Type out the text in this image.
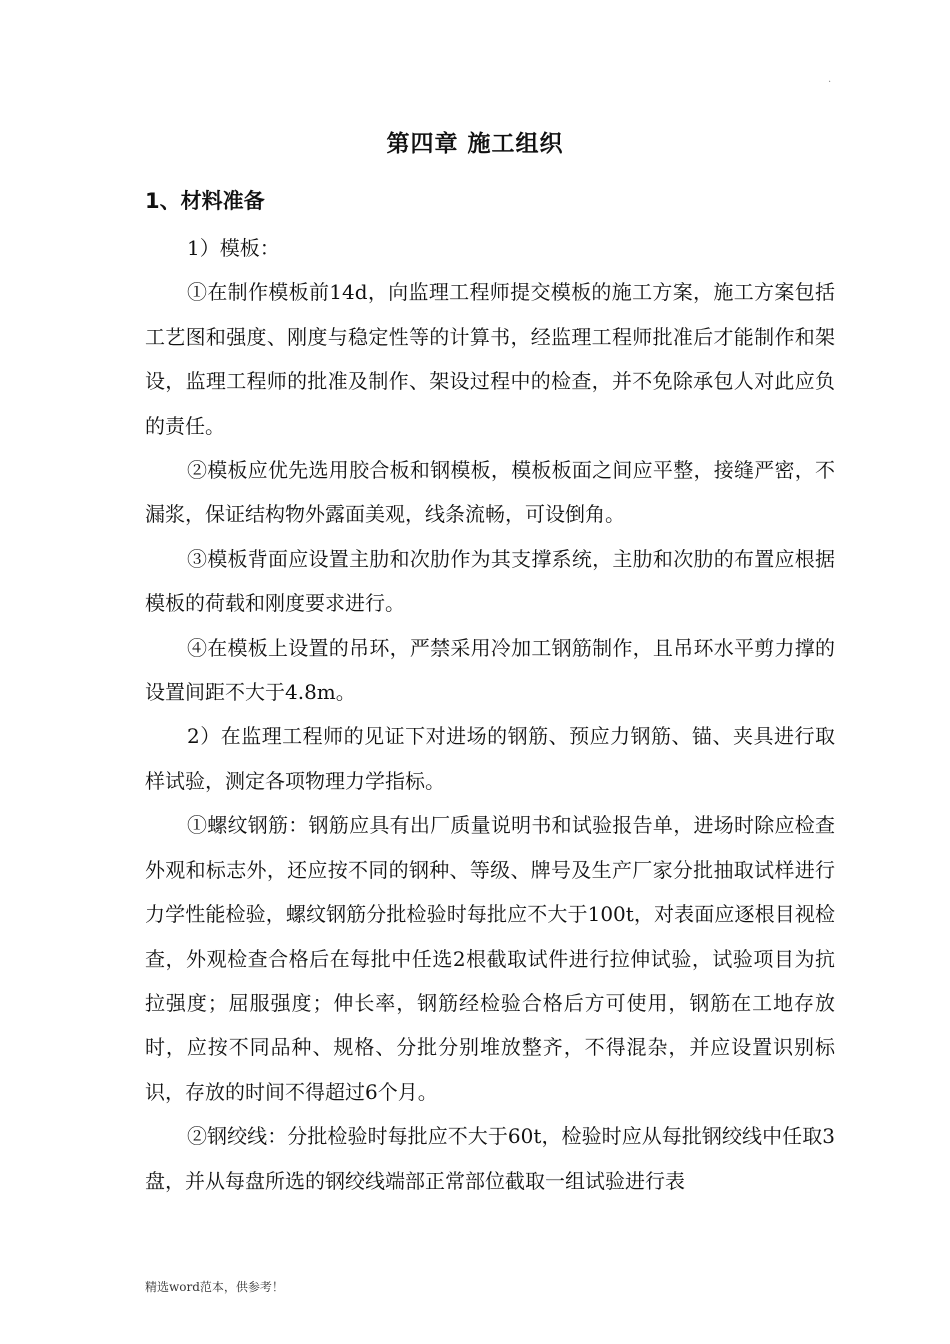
.
第四章 施工组织
1、材料准备

1）模板：

①在制作模板前14d，向监理工程师提交模板的施工方案，施工方案包括工艺图和强度、刚度与稳定性等的计算书，经监理工程师批准后才能制作和架设，监理工程师的批准及制作、架设过程中的检查，并不免除承包人对此应负的责任。

②模板应优先选用胶合板和钢模板，模板板面之间应平整，接缝严密，不漏浆，保证结构物外露面美观，线条流畅，可设倒角。

③模板背面应设置主肋和次肋作为其支撑系统，主肋和次肋的布置应根据模板的荷载和刚度要求进行。

④在模板上设置的吊环，严禁采用冷加工钢筋制作，且吊环水平剪力撑的设置间距不大于4.8m。

2）在监理工程师的见证下对进场的钢筋、预应力钢筋、锚、夹具进行取样试验，测定各项物理力学指标。

①螺纹钢筋：钢筋应具有出厂质量说明书和试验报告单，进场时除应检查外观和标志外，还应按不同的钢种、等级、牌号及生产厂家分批抽取试样进行力学性能检验，螺纹钢筋分批检验时每批应不大于100t，对表面应逐根目视检查，外观检查合格后在每批中任选2根截取试件进行拉伸试验，试验项目为抗拉强度；屈服强度；伸长率，钢筋经检验合格后方可使用，钢筋在工地存放时，应按不同品种、规格、分批分别堆放整齐，不得混杂，并应设置识别标识，存放的时间不得超过6个月。

②钢绞线：分批检验时每批应不大于60t，检验时应从每批钢绞线中任取3盘，并从每盘所选的钢绞线端部正常部位截取一组试验进行表

精选word范本，供参考！
